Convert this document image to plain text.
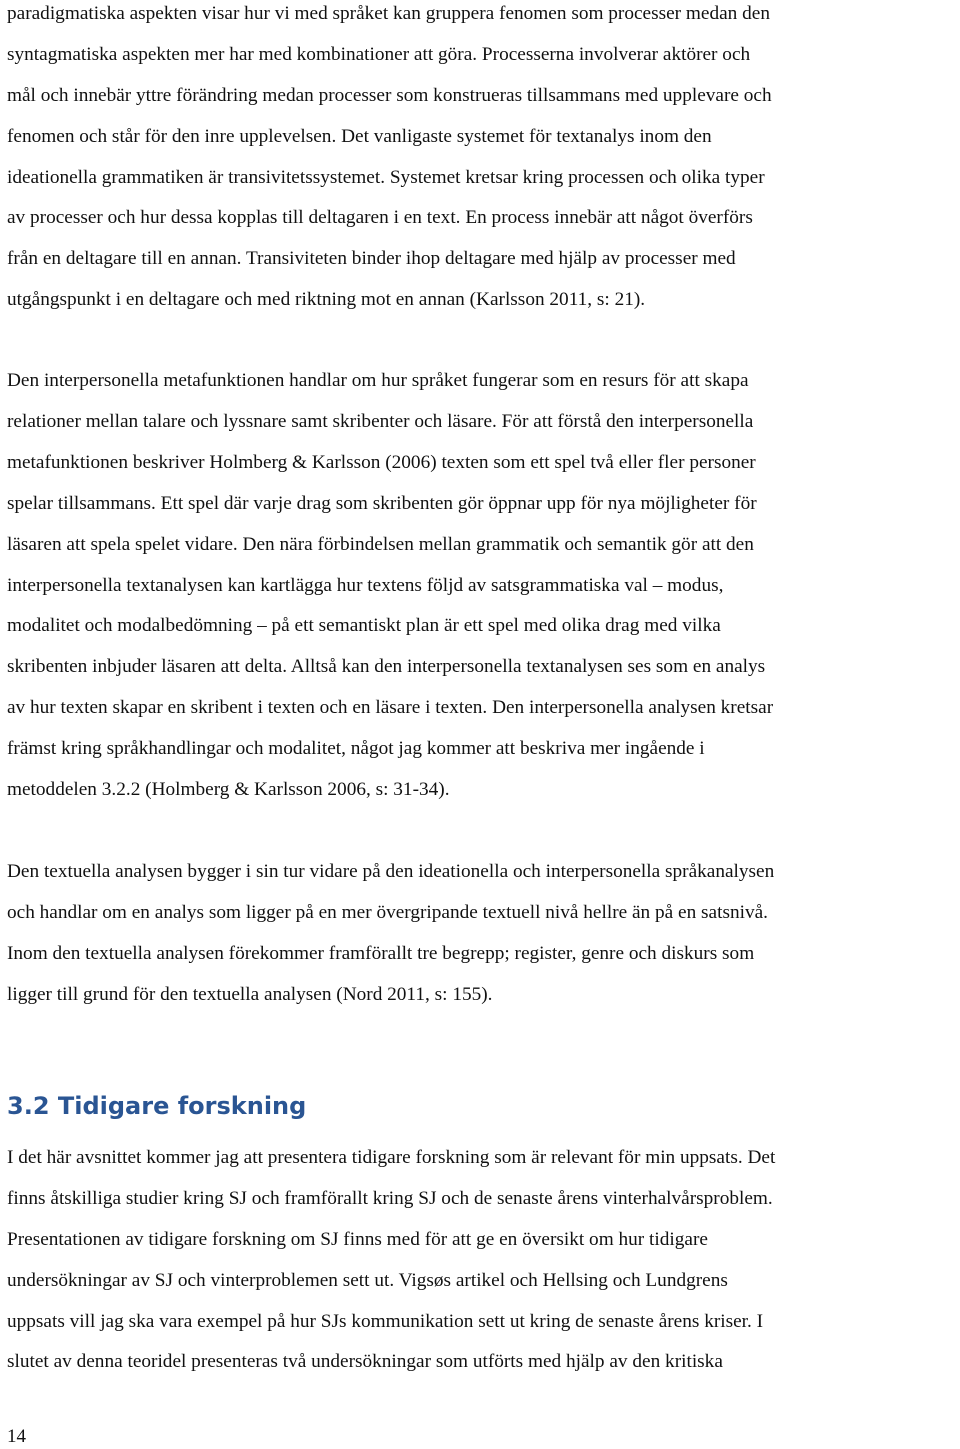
paradigmatiska aspekten visar hur vi med språket kan gruppera fenomen som processer medan den
syntagmatiska aspekten mer har med kombinationer att göra. Processerna involverar aktörer och
mål och innebär yttre förändring medan processer som konstrueras tillsammans med upplevare och
fenomen och står för den inre upplevelsen. Det vanligaste systemet för textanalys inom den
ideationella grammatiken är transivitetssystemet. Systemet kretsar kring processen och olika typer
av processer och hur dessa kopplas till deltagaren i en text. En process innebär att något överförs
från en deltagare till en annan. Transiviteten binder ihop deltagare med hjälp av processer med
utgångspunkt i en deltagare och med riktning mot en annan (Karlsson 2011, s: 21).

Den interpersonella metafunktionen handlar om hur språket fungerar som en resurs för att skapa
relationer mellan talare och lyssnare samt skribenter och läsare. För att förstå den interpersonella
metafunktionen beskriver Holmberg & Karlsson (2006) texten som ett spel två eller fler personer
spelar tillsammans. Ett spel där varje drag som skribenten gör öppnar upp för nya möjligheter för
läsaren att spela spelet vidare. Den nära förbindelsen mellan grammatik och semantik gör att den
interpersonella textanalysen kan kartlägga hur textens följd av satsgrammatiska val – modus,
modalitet och modalbedömning – på ett semantiskt plan är ett spel med olika drag med vilka
skribenten inbjuder läsaren att delta. Alltså kan den interpersonella textanalysen ses som en analys
av hur texten skapar en skribent i texten och en läsare i texten. Den interpersonella analysen kretsar
främst kring språkhandlingar och modalitet, något jag kommer att beskriva mer ingående i
metoddelen 3.2.2 (Holmberg & Karlsson 2006, s: 31-34).

Den textuella analysen bygger i sin tur vidare på den ideationella och interpersonella språkanalysen
och handlar om en analys som ligger på en mer övergripande textuell nivå hellre än på en satsnivå.
Inom den textuella analysen förekommer framförallt tre begrepp; register, genre och diskurs som
ligger till grund för den textuella analysen (Nord 2011, s: 155).

I det här avsnittet kommer jag att presentera tidigare forskning som är relevant för min uppsats. Det
finns åtskilliga studier kring SJ och framförallt kring SJ och de senaste årens vinterhalvårsproblem.
Presentationen av tidigare forskning om SJ finns med för att ge en översikt om hur tidigare
undersökningar av SJ och vinterproblemen sett ut. Vigsøs artikel och Hellsing och Lundgrens
uppsats vill jag ska vara exempel på hur SJs kommunikation sett ut kring de senaste årens kriser. I
slutet av denna teoridel presenteras två undersökningar som utförts med hjälp av den kritiska

3.2 Tidigare forskning
14
